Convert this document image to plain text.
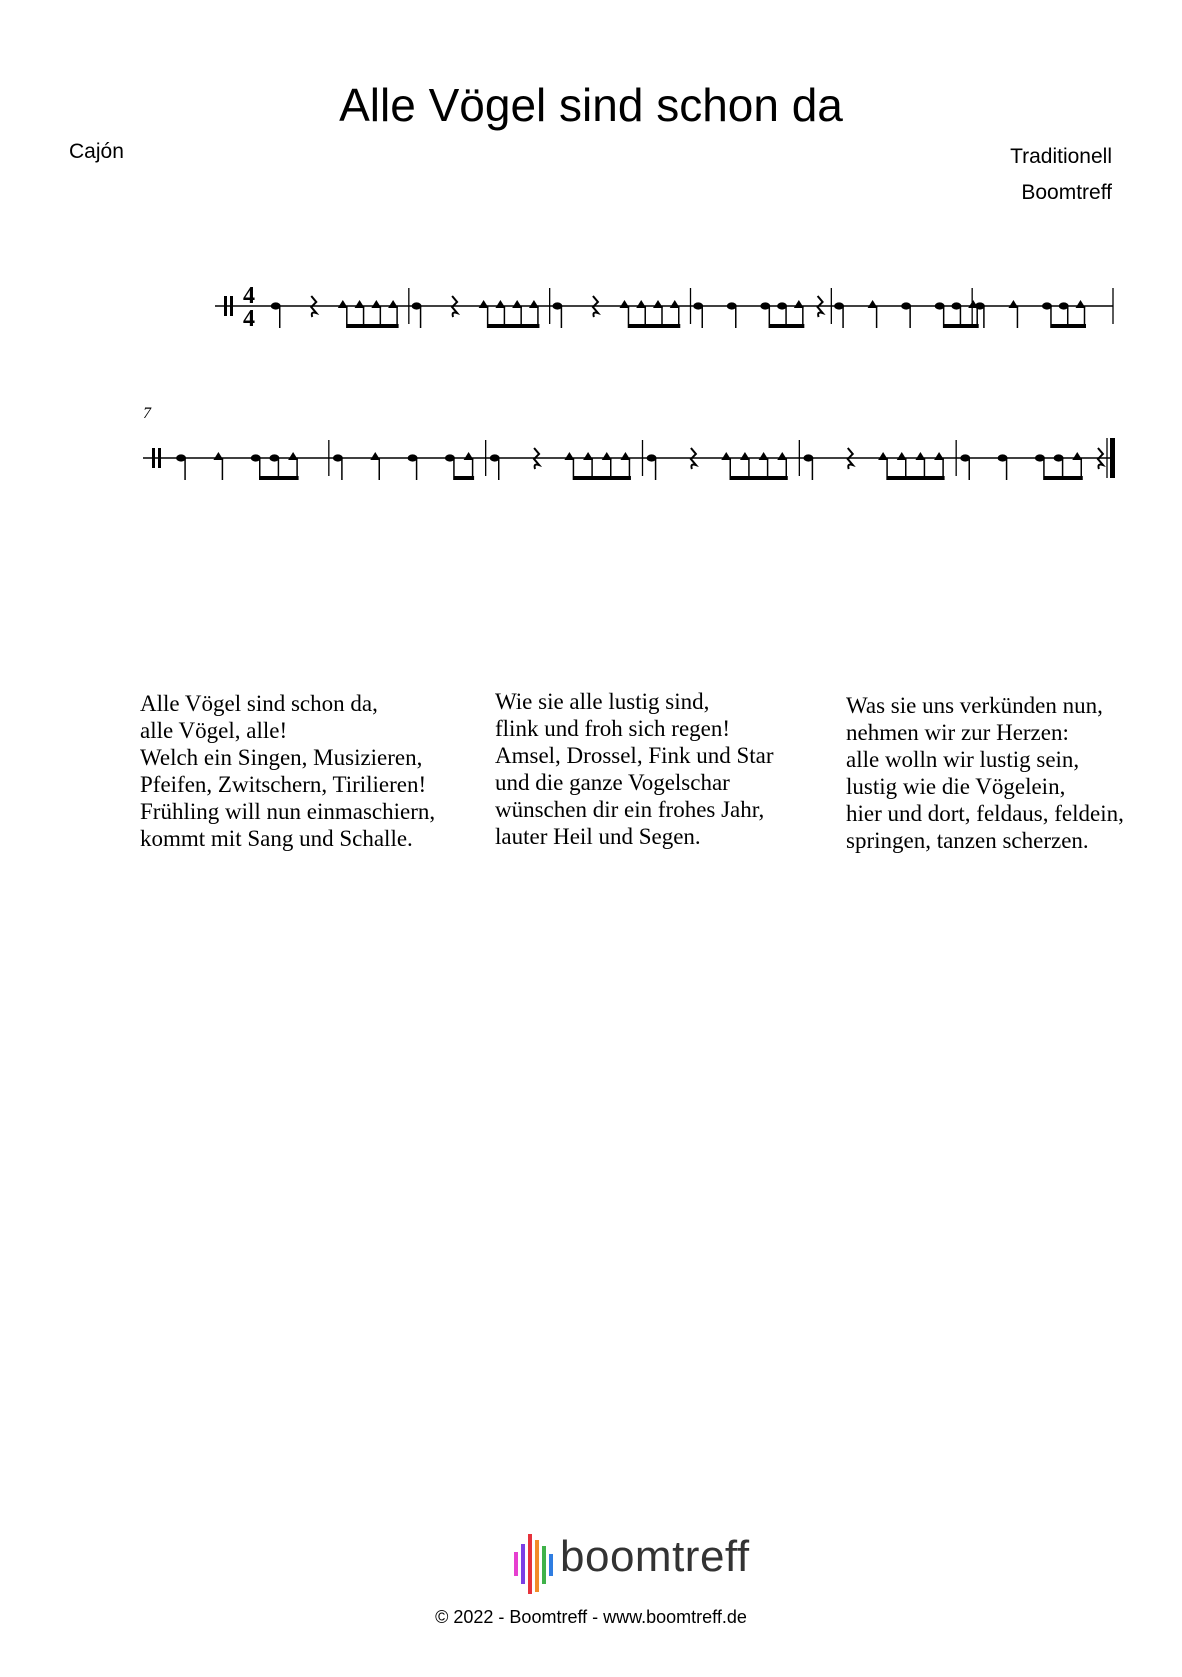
Alle Vögel sind schon da
Cajón	Traditionell
Boomtreff
4
4
7
Alle Vögel sind schon da,
alle Vögel, alle!
Welch ein Singen, Musizieren,
Pfeifen, Zwitschern, Tirilieren!
Frühling will nun einmaschiern,
kommt mit Sang und Schalle.
Wie sie alle lustig sind,
flink und froh sich regen!
Amsel, Drossel, Fink und Star
und die ganze Vogelschar
wünschen dir ein frohes Jahr,
lauter Heil und Segen.
Was sie uns verkünden nun,
nehmen wir zur Herzen:
alle wolln wir lustig sein,
lustig wie die Vögelein,
hier und dort, feldaus, feldein,
springen, tanzen scherzen.
boomtreff
© 2022 - Boomtreff - www.boomtreff.de
